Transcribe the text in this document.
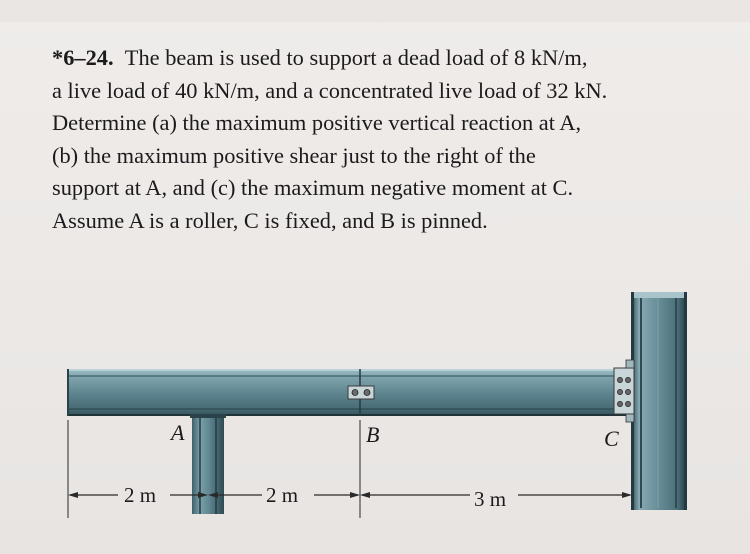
*6–24. The beam is used to support a dead load of 8 kN/m,
a live load of 40 kN/m, and a concentrated live load of 32 kN.
Determine (a) the maximum positive vertical reaction at A,
(b) the maximum positive shear just to the right of the
support at A, and (c) the maximum negative moment at C.
Assume A is a roller, C is fixed, and B is pinned.
A	B	C
2 m	2 m	3 m
